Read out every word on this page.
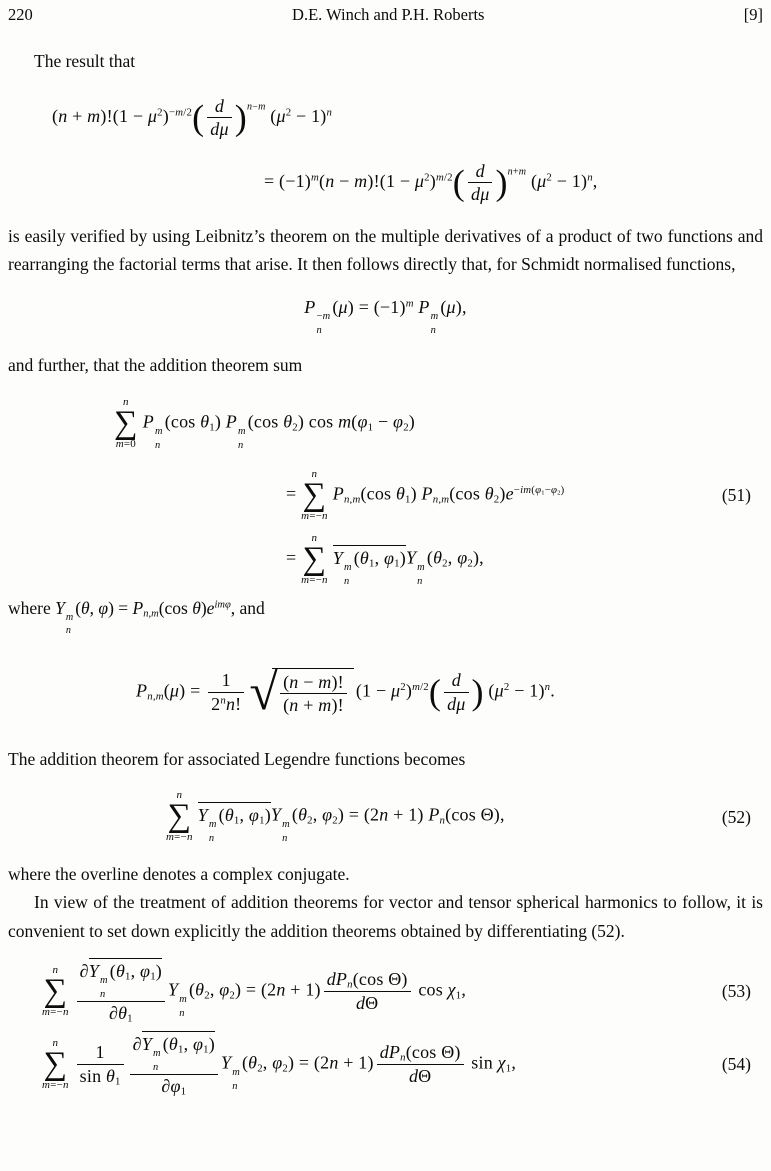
220	D.E. Winch and P.H. Roberts	[9]

The result that

$(n + m)!(1 - \mu^2)^{-m/2}( \frac{d}{d\mu} )^{n-m}$ $(\mu^2 - 1)^n$
= $(-1)^m(n - m)!(1 - \mu^2)^{m/2}( \frac{d}{d\mu} )^{n+m}$ $(\mu^2 - 1)^n$,

is easily verified by using Leibnitz’s theorem on the multiple derivatives of a product of two functions and rearranging the factorial terms that arise. It then follows directly that, for Schmidt normalised functions,

P −m
n
$(\mu) = (-1)^m$ P m
n
(μ),

and further, that the addition theorem sum

n
∑
m=0
P m
n
(cos $\theta_1$) P m
n
(cos $\theta_2$) $\cos m(\varphi_1 - \varphi_2)$
=
n
∑
m=−n
$P_{n,m}(\cos$ $\theta_1$) $P_{n,m}(\cos$ $\theta_2)e^{-im(\varphi_1-\varphi_2)}$	(51)
=
n
∑
m=−n
Y m
n
($\theta_1$, $\varphi_1)Y$ m
n
($\theta_2$, $\varphi_2$),

where Y m
n
(θ, $\varphi) = P_{n,m}(\cos$ $\theta)e^{im\varphi}$, and

$P_{n,m}(\mu) = \frac{1}{2^nn!}$ √ $\frac{(n - m)!}{(n + m)!} (1 - \mu^2)^{m/2}( \frac{d}{d\mu}$ ) $(\mu^2 - 1)^n$.

The addition theorem for associated Legendre functions becomes

n
∑
m=−n
Y m
n
($\theta_1$, $\varphi_1)Y$ m
n
($\theta_2$, $\varphi_2) = (2n + 1)$ $P_n(\cos$ Θ),	(52)

where the overline denotes a complex conjugate.

In view of the treatment of addition theorems for vector and tensor spherical harmonics to follow, it is convenient to set down explicitly the addition theorems obtained by differentiating (52).

n
∑
m=−n
∂Y m
n
($\theta_1$, $\varphi_1$)
$\partial\theta_1$
Y m
n
($\theta_2$, $\varphi_2) = (2n + 1)$
$dP_n(\cos$ Θ)
dΘ
$\cos \chi_1$,	(53)
n
∑
$m=-n \frac{1}{\sin \theta_1} \partial Y$ m
n
($\theta_1$, $\varphi_1$)
$\partial\varphi_1$
Y m
n
($\theta_2$, $\varphi_2) = (2n + 1)$
$dP_n(\cos$ Θ)
dΘ
$\sin \chi_1$,	(54)
